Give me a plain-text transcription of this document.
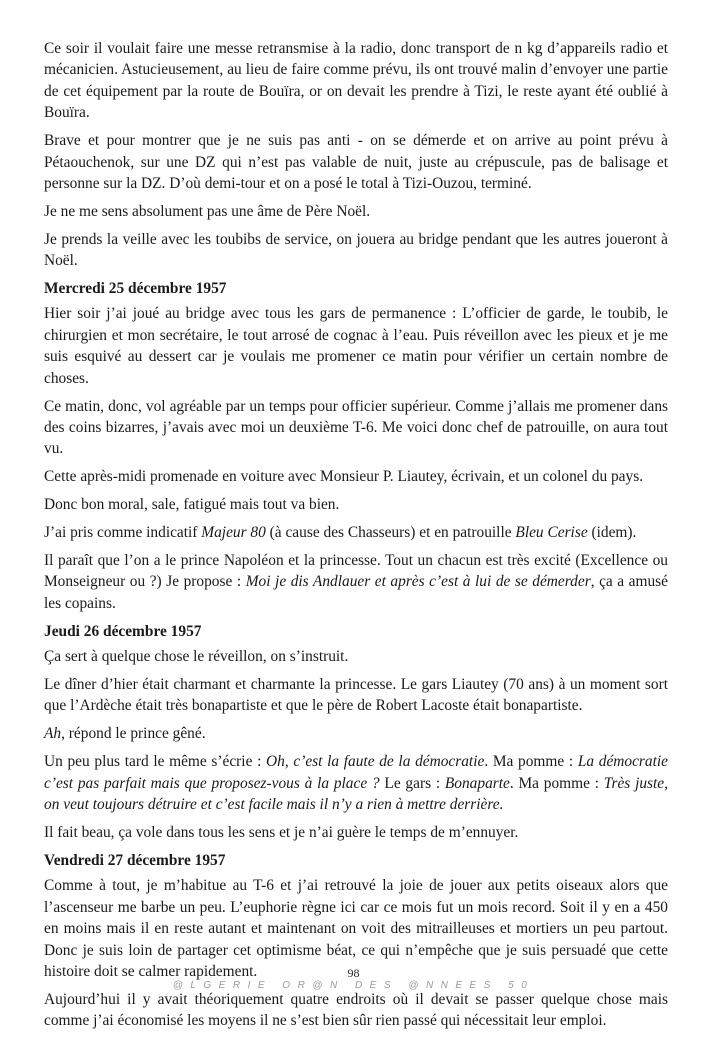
Ce soir il voulait faire une messe retransmise à la radio, donc transport de n kg d’appareils radio et mécanicien. Astucieusement, au lieu de faire comme prévu, ils ont trouvé malin d’envoyer une partie de cet équipement par la route de Bouïra, or on devait les prendre à Tizi, le reste ayant été oublié à Bouïra.

Brave et pour montrer que je ne suis pas anti - on se démerde et on arrive au point prévu à Pétaouchenok, sur une DZ qui n’est pas valable de nuit, juste au crépuscule, pas de balisage et personne sur la DZ. D’où demi-tour et on a posé le total à Tizi-Ouzou, terminé.

Je ne me sens absolument pas une âme de Père Noël.

Je prends la veille avec les toubibs de service, on jouera au bridge pendant que les autres joueront à Noël.

Mercredi 25 décembre 1957

Hier soir j’ai joué au bridge avec tous les gars de permanence : L’officier de garde, le toubib, le chirurgien et mon secrétaire, le tout arrosé de cognac à l’eau. Puis réveillon avec les pieux et je me suis esquivé au dessert car je voulais me promener ce matin pour vérifier un certain nombre de choses.

Ce matin, donc, vol agréable par un temps pour officier supérieur. Comme j’allais me promener dans des coins bizarres, j’avais avec moi un deuxième T-6. Me voici donc chef de patrouille, on aura tout vu.

Cette après-midi promenade en voiture avec Monsieur P. Liautey, écrivain, et un colonel du pays.

Donc bon moral, sale, fatigué mais tout va bien.

J’ai pris comme indicatif Majeur 80 (à cause des Chasseurs) et en patrouille Bleu Cerise (idem).

Il paraît que l’on a le prince Napoléon et la princesse. Tout un chacun est très excité (Excellence ou Monseigneur ou ?) Je propose : Moi je dis Andlauer et après c’est à lui de se démerder, ça a amusé les copains.

Jeudi 26 décembre 1957

Ça sert à quelque chose le réveillon, on s’instruit.

Le dîner d’hier était charmant et charmante la princesse. Le gars Liautey (70 ans) à un moment sort que l’Ardèche était très bonapartiste et que le père de Robert Lacoste était bonapartiste.

Ah, répond le prince gêné.

Un peu plus tard le même s’écrie : Oh, c’est la faute de la démocratie. Ma pomme : La démocratie c’est pas parfait mais que proposez-vous à la place ? Le gars : Bonaparte. Ma pomme : Très juste, on veut toujours détruire et c’est facile mais il n’y a rien à mettre derrière.

Il fait beau, ça vole dans tous les sens et je n’ai guère le temps de m’ennuyer.

Vendredi 27 décembre 1957

Comme à tout, je m’habitue au T-6 et j’ai retrouvé la joie de jouer aux petits oiseaux alors que l’ascenseur me barbe un peu. L’euphorie règne ici car ce mois fut un mois record. Soit il y en a 450 en moins mais il en reste autant et maintenant on voit des mitrailleuses et mortiers un peu partout. Donc je suis loin de partager cet optimisme béat, ce qui n’empêche que je suis persuadé que cette histoire doit se calmer rapidement.

Aujourd’hui il y avait théoriquement quatre endroits où il devait se passer quelque chose mais comme j’ai économisé les moyens il ne s’est bien sûr rien passé qui nécessitait leur emploi.

98
@LGERIE OR@N DES @NNEES 50
